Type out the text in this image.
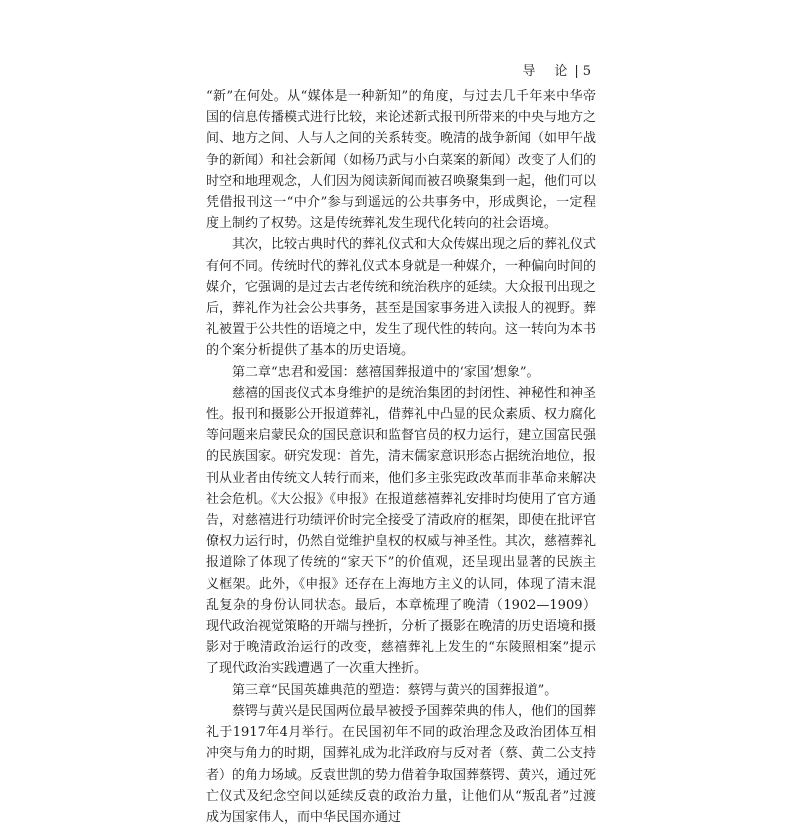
导　论 | 5

“新”在何处。从“媒体是一种新知”的角度，与过去几千年来中华帝国的信息传播模式进行比较，来论述新式报刊所带来的中央与地方之间、地方之间、人与人之间的关系转变。晚清的战争新闻（如甲午战争的新闻）和社会新闻（如杨乃武与小白菜案的新闻）改变了人们的时空和地理观念，人们因为阅读新闻而被召唤聚集到一起，他们可以凭借报刊这一“中介”参与到遥远的公共事务中，形成舆论，一定程度上制约了权势。这是传统葬礼发生现代化转向的社会语境。

其次，比较古典时代的葬礼仪式和大众传媒出现之后的葬礼仪式有何不同。传统时代的葬礼仪式本身就是一种媒介，一种偏向时间的媒介，它强调的是过去古老传统和统治秩序的延续。大众报刊出现之后，葬礼作为社会公共事务，甚至是国家事务进入读报人的视野。葬礼被置于公共性的语境之中，发生了现代性的转向。这一转向为本书的个案分析提供了基本的历史语境。

第二章“忠君和爱国：慈禧国葬报道中的‘家国’想象”。

慈禧的国丧仪式本身维护的是统治集团的封闭性、神秘性和神圣性。报刊和摄影公开报道葬礼，借葬礼中凸显的民众素质、权力腐化等问题来启蒙民众的国民意识和监督官员的权力运行，建立国富民强的民族国家。研究发现：首先，清末儒家意识形态占据统治地位，报刊从业者由传统文人转行而来，他们多主张宪政改革而非革命来解决社会危机。《大公报》《申报》在报道慈禧葬礼安排时均使用了官方通告，对慈禧进行功绩评价时完全接受了清政府的框架，即使在批评官僚权力运行时，仍然自觉维护皇权的权威与神圣性。其次，慈禧葬礼报道除了体现了传统的“家天下”的价值观，还呈现出显著的民族主义框架。此外，《申报》还存在上海地方主义的认同，体现了清末混乱复杂的身份认同状态。最后，本章梳理了晚清（1902—1909）现代政治视觉策略的开端与挫折，分析了摄影在晚清的历史语境和摄影对于晚清政治运行的改变，慈禧葬礼上发生的“东陵照相案”提示了现代政治实践遭遇了一次重大挫折。

第三章“民国英雄典范的塑造：蔡锷与黄兴的国葬报道”。

蔡锷与黄兴是民国两位最早被授予国葬荣典的伟人，他们的国葬礼于1917年4月举行。在民国初年不同的政治理念及政治团体互相冲突与角力的时期，国葬礼成为北洋政府与反对者（蔡、黄二公支持者）的角力场域。反袁世凯的势力借着争取国葬蔡锷、黄兴，通过死亡仪式及纪念空间以延续反袁的政治力量，让他们从“叛乱者”过渡成为国家伟人，而中华民国亦通过
